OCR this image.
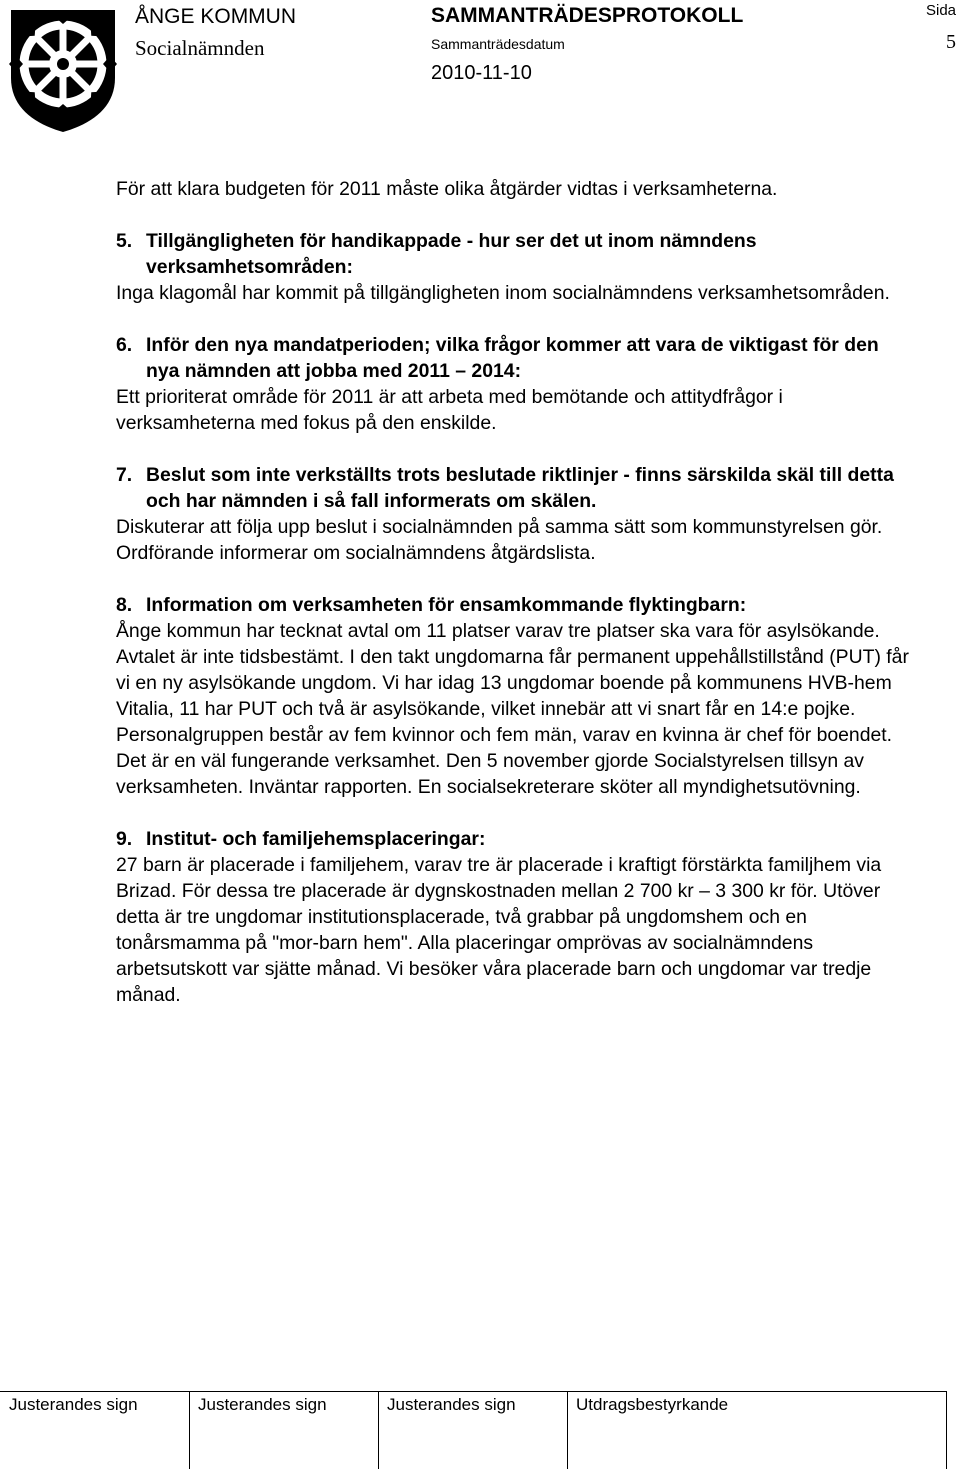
ÅNGE KOMMUN
Socialnämnden
SAMMANTRÄDESPROTOKOLL
Sammanträdesdatum
2010-11-10
Sida
5

För att klara budgeten för 2011 måste olika åtgärder vidtas i verksamheterna.

5. Tillgängligheten för handikappade - hur ser det ut inom nämndens verksamhetsområden:
Inga klagomål har kommit på tillgängligheten inom socialnämndens verksamhetsområden.
6. Inför den nya mandatperioden; vilka frågor kommer att vara de viktigast för den nya nämnden att jobba med 2011 – 2014:
Ett prioriterat område för 2011 är att arbeta med bemötande och attitydfrågor i verksamheterna med fokus på den enskilde.
7. Beslut som inte verkställts trots beslutade riktlinjer - finns särskilda skäl till detta och har nämnden i så fall informerats om skälen.
Diskuterar att följa upp beslut i socialnämnden på samma sätt som kommunstyrelsen gör. Ordförande informerar om socialnämndens åtgärdslista.
8. Information om verksamheten för ensamkommande flyktingbarn:
Ånge kommun har tecknat avtal om 11 platser varav tre platser ska vara för asylsökande. Avtalet är inte tidsbestämt. I den takt ungdomarna får permanent uppehållstillstånd (PUT) får vi en ny asylsökande ungdom. Vi har idag 13 ungdomar boende på kommunens HVB-hem Vitalia, 11 har PUT och två är asylsökande, vilket innebär att vi snart får en 14:e pojke. Personalgruppen består av fem kvinnor och fem män, varav en kvinna är chef för boendet. Det är en väl fungerande verksamhet. Den 5 november gjorde Socialstyrelsen tillsyn av verksamheten. Inväntar rapporten. En socialsekreterare sköter all myndighetsutövning.
9. Institut- och familjehemsplaceringar:
27 barn är placerade i familjehem, varav tre är placerade i kraftigt förstärkta familjhem via Brizad. För dessa tre placerade är dygnskostnaden mellan 2 700 kr – 3 300 kr för. Utöver detta är tre ungdomar institutionsplacerade, två grabbar på ungdomshem och en tonårsmamma på "mor-barn hem". Alla placeringar omprövas av socialnämndens arbetsutskott var sjätte månad. Vi besöker våra placerade barn och ungdomar var tredje månad.
Justerandes sign	Justerandes sign	Justerandes sign	Utdragsbestyrkande
